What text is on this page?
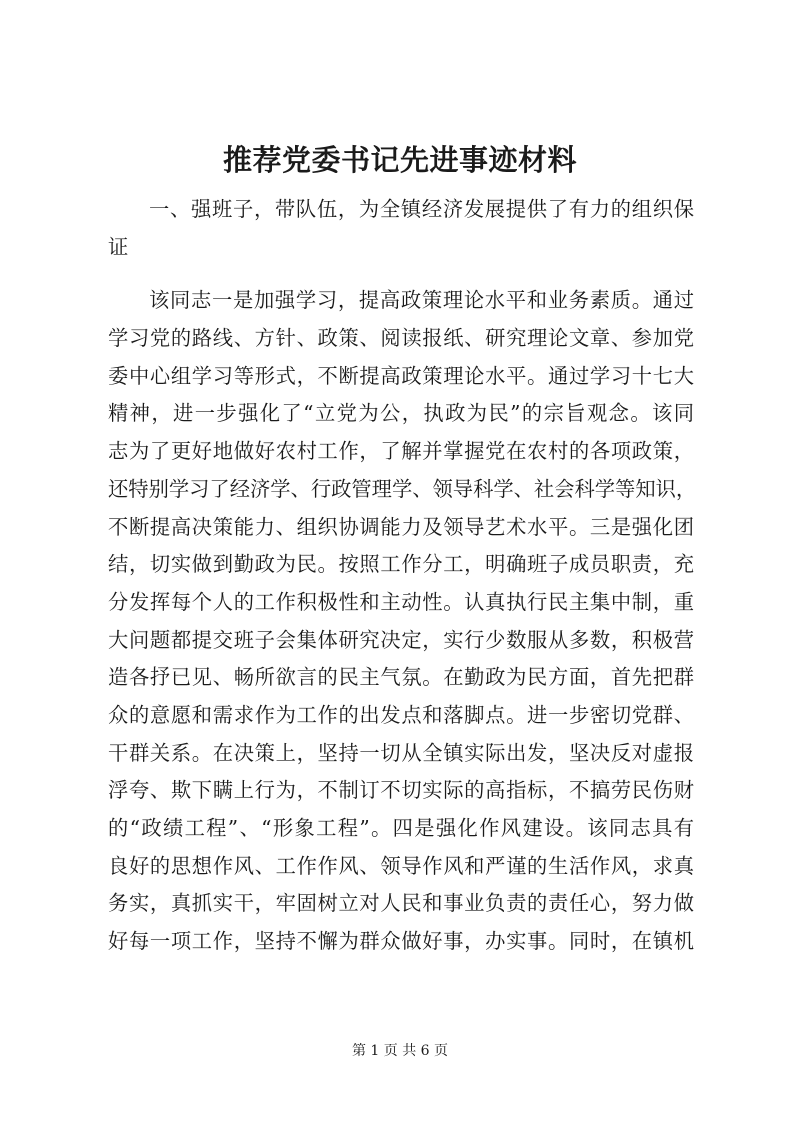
推荐党委书记先进事迹材料
一、强班子，带队伍，为全镇经济发展提供了有力的组织保
证
该同志一是加强学习，提高政策理论水平和业务素质。通过
学习党的路线、方针、政策、阅读报纸、研究理论文章、参加党
委中心组学习等形式，不断提高政策理论水平。通过学习十七大
精神，进一步强化了“立党为公，执政为民”的宗旨观念。该同
志为了更好地做好农村工作，了解并掌握党在农村的各项政策，
还特别学习了经济学、行政管理学、领导科学、社会科学等知识，
不断提高决策能力、组织协调能力及领导艺术水平。三是强化团
结，切实做到勤政为民。按照工作分工，明确班子成员职责，充
分发挥每个人的工作积极性和主动性。认真执行民主集中制，重
大问题都提交班子会集体研究决定，实行少数服从多数，积极营
造各抒已见、畅所欲言的民主气氛。在勤政为民方面，首先把群
众的意愿和需求作为工作的出发点和落脚点。进一步密切党群、
干群关系。在决策上，坚持一切从全镇实际出发，坚决反对虚报
浮夸、欺下瞒上行为，不制订不切实际的高指标，不搞劳民伤财
的“政绩工程”、“形象工程”。四是强化作风建设。该同志具有
良好的思想作风、工作作风、领导作风和严谨的生活作风，求真
务实，真抓实干，牢固树立对人民和事业负责的责任心，努力做
好每一项工作，坚持不懈为群众做好事，办实事。同时，在镇机
第 1 页 共 6 页
